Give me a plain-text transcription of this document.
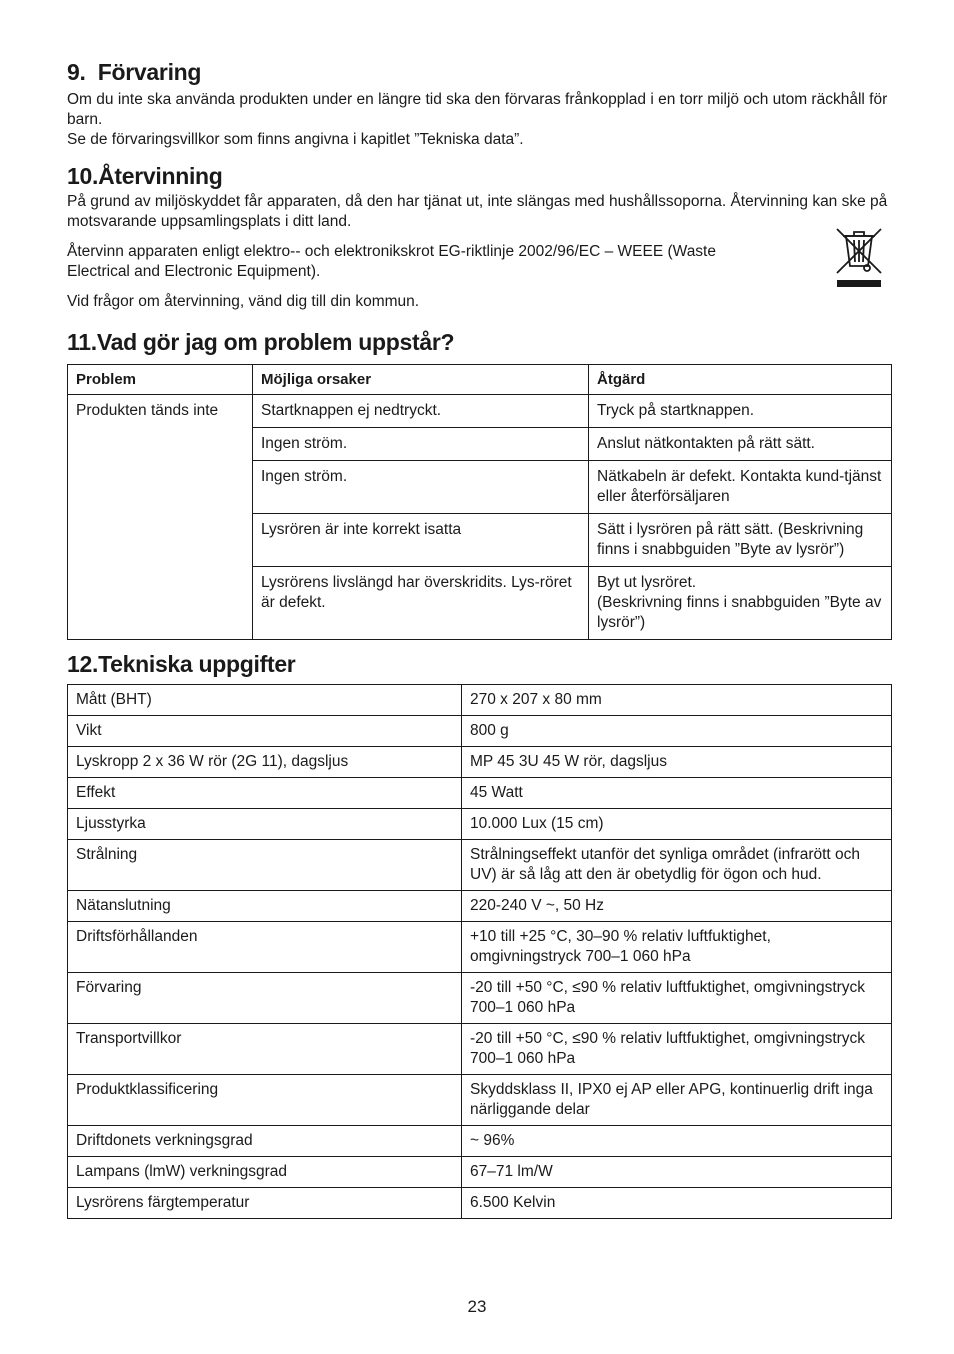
9. Förvaring

Om du inte ska använda produkten under en längre tid ska den förvaras frånkopplad i en torr miljö och utom räckhåll för barn.

Se de förvaringsvillkor som finns angivna i kapitlet ”Tekniska data”.

10.Återvinning

På grund av miljöskyddet får apparaten, då den har tjänat ut, inte slängas med hushållssoporna. Återvinning kan ske på motsvarande uppsamlingsplats i ditt land.

Återvinn apparaten enligt elektro-- och elektronikskrot EG-riktlinje 2002/96/EC – WEEE (Waste Electrical and Electronic Equipment).

Vid frågor om återvinning, vänd dig till din kommun.

11.Vad gör jag om problem uppstår?
Problem	Möjliga orsaker	Åtgärd
Produkten tänds inte	Startknappen ej nedtryckt.	Tryck på startknappen.
	Ingen ström.	Anslut nätkontakten på rätt sätt.
	Ingen ström.	Nätkabeln är defekt. Kontakta kund-tjänst eller återförsäljaren
	Lysrören är inte korrekt isatta	Sätt i lysrören på rätt sätt. (Beskrivning finns i snabbguiden ”Byte av lysrör”)
	Lysrörens livslängd har överskridits. Lys-röret är defekt.	Byt ut lysröret.
(Beskrivning finns i snabbguiden ”Byte av lysrör”)
12.Tekniska uppgifter
Mått (BHT)	270 x 207 x 80 mm
Vikt	800 g
Lyskropp 2 x 36 W rör (2G 11), dagsljus	MP 45 3U 45 W rör, dagsljus
Effekt	45 Watt
Ljusstyrka	10.000 Lux (15 cm)
Strålning	Strålningseffekt utanför det synliga området (infrarött och UV) är så låg att den är obetydlig för ögon och hud.
Nätanslutning	220-240 V ~, 50 Hz
Driftsförhållanden	+10 till +25 °C, 30–90 % relativ luftfuktighet, omgivningstryck 700–1 060 hPa
Förvaring	-20 till +50 °C, ≤90 % relativ luftfuktighet, omgivningstryck 700–1 060 hPa
Transportvillkor	-20 till +50 °C, ≤90 % relativ luftfuktighet, omgivningstryck 700–1 060 hPa
Produktklassificering	Skyddsklass II, IPX0 ej AP eller APG, kontinuerlig drift inga närliggande delar
Driftdonets verkningsgrad	~ 96%
Lampans (lmW) verkningsgrad	67–71 lm/W
Lysrörens färgtemperatur	6.500 Kelvin
23
